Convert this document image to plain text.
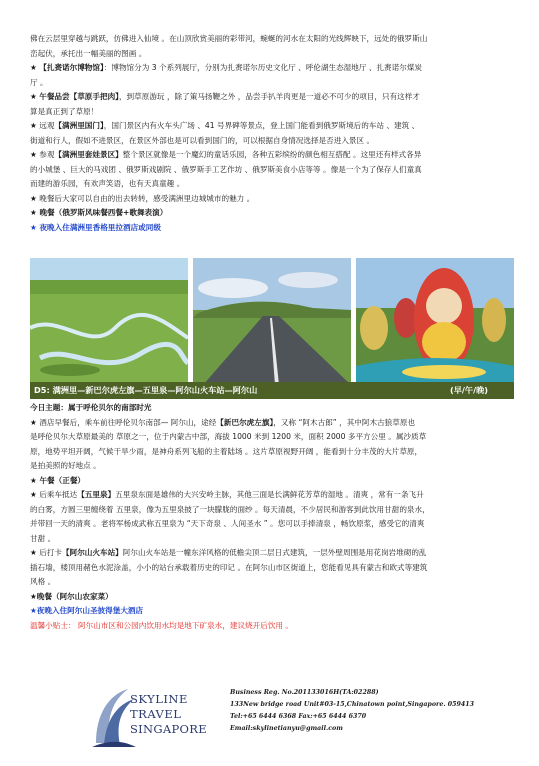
佛在云层里穿越与跳跃，仿佛进入仙境 。在山顶欣赏美丽的彩带河，蜿蜒的河水在太阳的光线辉映下，远处的俄罗斯山

峦起伏，承托出一幅美丽的图画 。

★ 【扎赉诺尔博物馆】：博物馆分为 3 个系列展厅，分别为扎赉诺尔历史文化厅 、呼伦湖生态湿地厅 、扎赉诺尔煤炭

厅 。

★ 午餐品尝【草原手把肉】，到草原游玩 ，除了策马扬鞭之外 ，品尝手扒羊肉更是一道必不可少的项目，只有这样才

算是真正到了草原！

★ 远观【满洲里国门】，国门景区内有火车头广场 、41 号界碑等景点，登上国门能看到俄罗斯境后的车站 、建筑 、

街道和行人，假如不进景区，在景区外部也是可以看到国门的，可以根据自身情况选择是否进入景区 。

★ 参观【满洲里套娃景区】整个景区就像是一个魔幻的童话乐园，各种五彩缤纷的颜色相互搭配 。这里还有样式各异

的小城堡 、巨大的马戏团 、俄罗斯戏剧院 、俄罗斯手工艺作坊 、俄罗斯美食小店等等 。像是一个为了保存人们童真

而建的游乐园，有欢声笑语，也有天真童趣 。

★ 晚餐后大家可以自由的出去转转，感受满洲里边城城市的魅力 。

★ 晚餐（俄罗斯风味餐西餐+歌舞表演）

★ 夜晚入住满洲里香格里拉酒店或同级

D5: 满洲里—新巴尔虎左旗—五里泉—阿尔山火车站—阿尔山	(早/午/晚)

今日主题：属于呼伦贝尔的南部时光

★ 酒店早餐后，乘车前往呼伦贝尔南部— 阿尔山，途经【新巴尔虎左旗】，又称 “阿木古郎” ，其中阿木古狼草原也

是呼伦贝尔大草原最美的 草原之一，位于内蒙古中部，海拔 1000 米到 1200 米，面积 2000 多平方公里 。属沙质草

原，地势平坦开阔，气候干旱少雨，是神舟系列飞船的主着陆场 。这片草原视野开阔 ，能看到十分丰茂的大片草原，

是拍美照的好地点 。

★ 午餐（正餐）

★ 后乘车抵达【五里泉】五里泉东面是雄伟的大兴安岭主脉，其他三面是长满鲜花芳草的湿地 。清爽 ，常有一条飞升

的白雾，方圆三里缠绕着 五里泉，像为五里泉披了一块朦胧的面纱 。每天清晨，不少居民和游客到此饮用甘甜的泉水，

并带回一天的清爽 。老将军杨成武称五里泉为 “天下奇泉 、人间圣水 ” 。您可以手捧清泉 ，畅饮原浆，感受它的清爽

甘甜 。

★ 后打卡【阿尔山火车站】阿尔山火车站是一幢东洋风格的低檐尖顶二层日式建筑，一层外壁周围是用花岗岩堆砌的乱

插石墙，楼顶用赭色水泥涂盖，小小的站台承载着历史的印记 。在阿尔山市区街道上，您能看见具有蒙古和欧式等建筑

风格 。

★晚餐（阿尔山农家菜）

★夜晚入住阿尔山圣彼得堡大酒店

温馨小贴士： 阿尔山市区和公园内饮用水均是地下矿泉水，建议烧开后饮用 。

SKYLINE
TRAVEL
SINGAPORE
Business Reg. No.201133016H(TA:02288)
133New bridge road Unit#03-15,Chinatown point,Singapore. 059413
Tel:+65 6444 6368 Fax:+65 6444 6370
Email:skylinetianyu@gmail.com
